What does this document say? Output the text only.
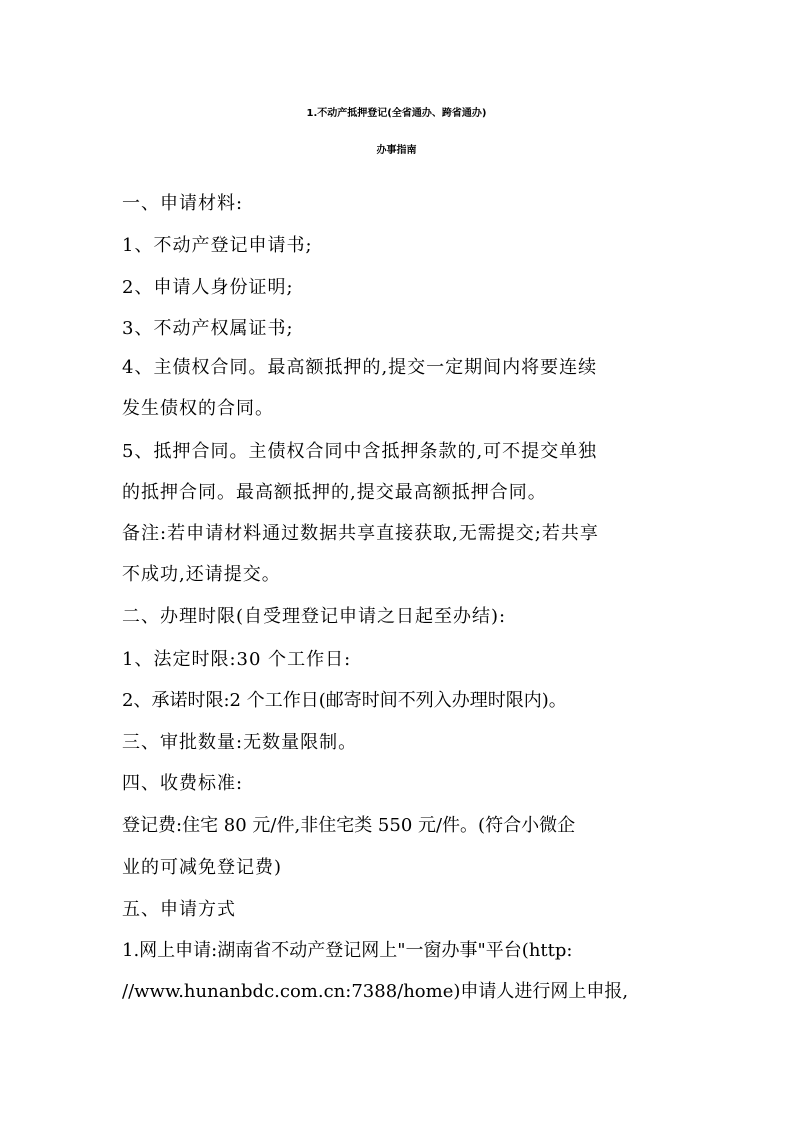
1.不动产抵押登记(全省通办、跨省通办)
办事指南
一、申请材料:
1、不动产登记申请书;
2、申请人身份证明;
3、不动产权属证书;
4、主债权合同。最高额抵押的,提交一定期间内将要连续
发生债权的合同。
5、抵押合同。主债权合同中含抵押条款的,可不提交单独
的抵押合同。最高额抵押的,提交最高额抵押合同。
备注:若申请材料通过数据共享直接获取,无需提交;若共享
不成功,还请提交。
二、办理时限(自受理登记申请之日起至办结):
1、法定时限:30 个工作日:
2、承诺时限:2 个工作日(邮寄时间不列入办理时限内)。
三、审批数量:无数量限制。
四、收费标准:
登记费:住宅 80 元/件,非住宅类 550 元/件。(符合小微企
业的可减免登记费)
五、申请方式
1.网上申请:湖南省不动产登记网上"一窗办事"平台(http:
//www.hunanbdc.com.cn:7388/home)申请人进行网上申报,
